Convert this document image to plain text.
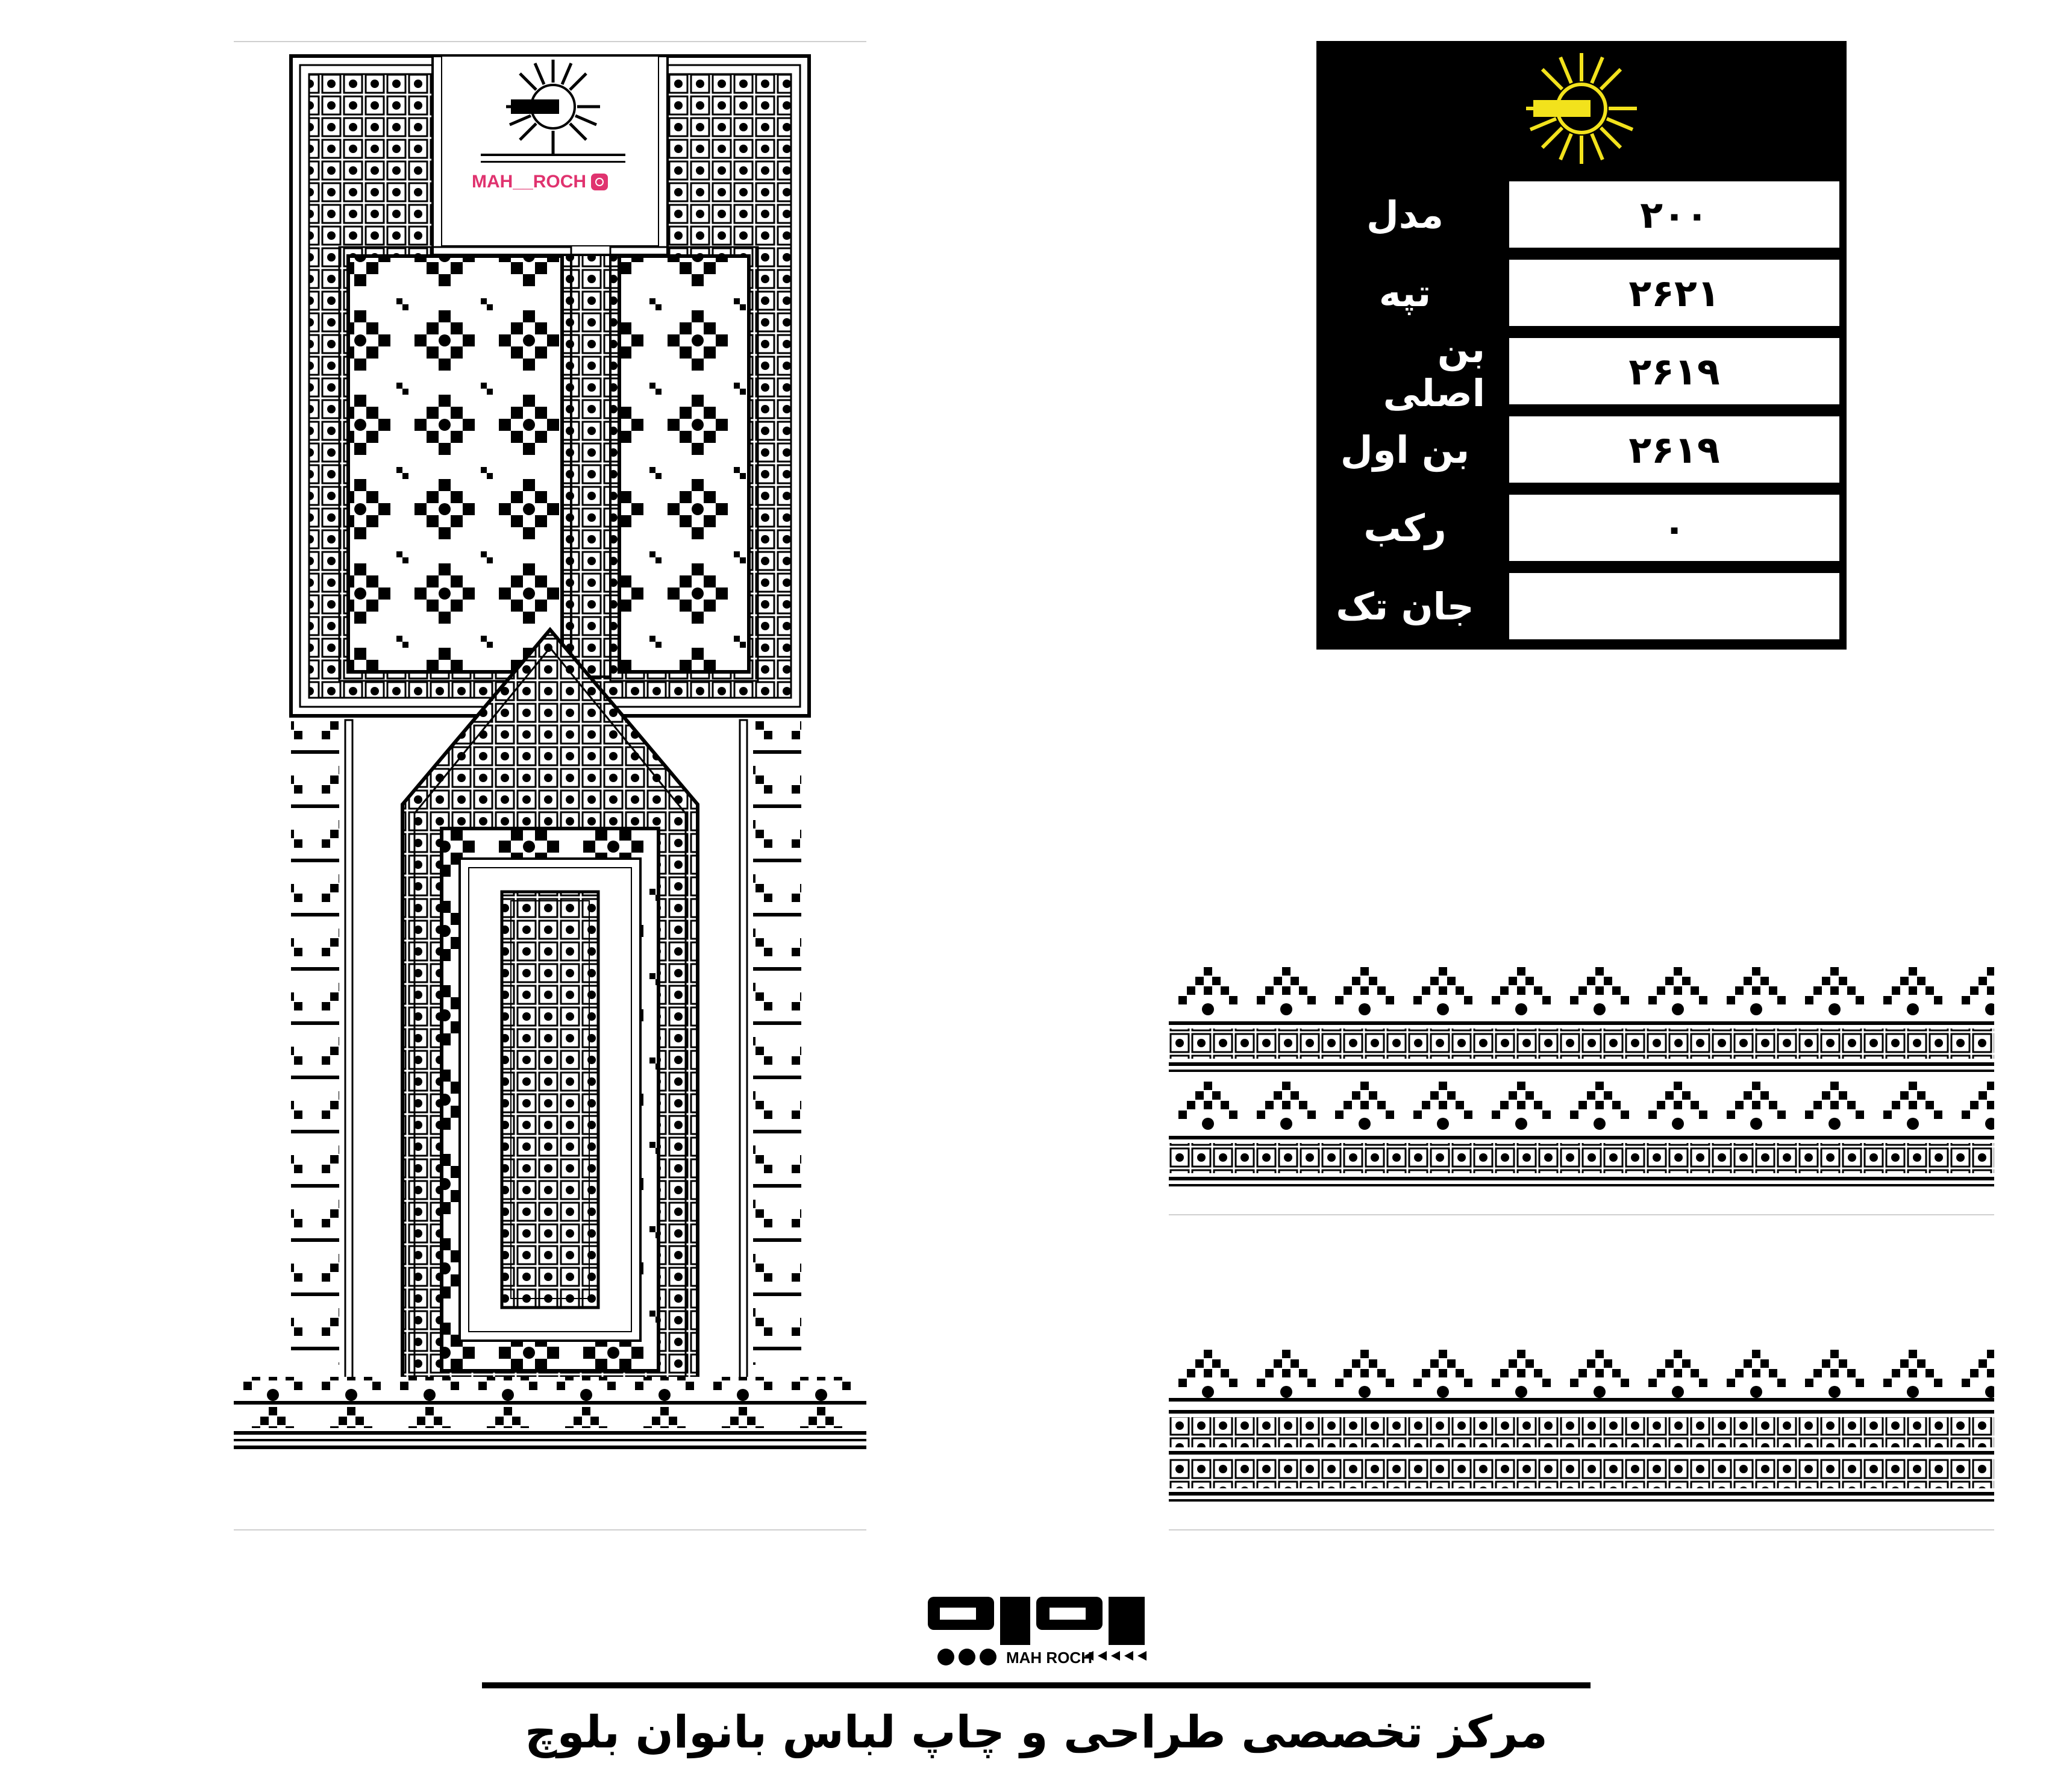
MAH__ROCH
مدل	۲۰۰
تپه	۲۶۲۱
بن اصلی	۲۶۱۹
بن اول	۲۶۱۹
رکب	۰
جان تک
MAH ROCH
مرکز تخصصی طراحی و چاپ لباس بانوان بلوچ
